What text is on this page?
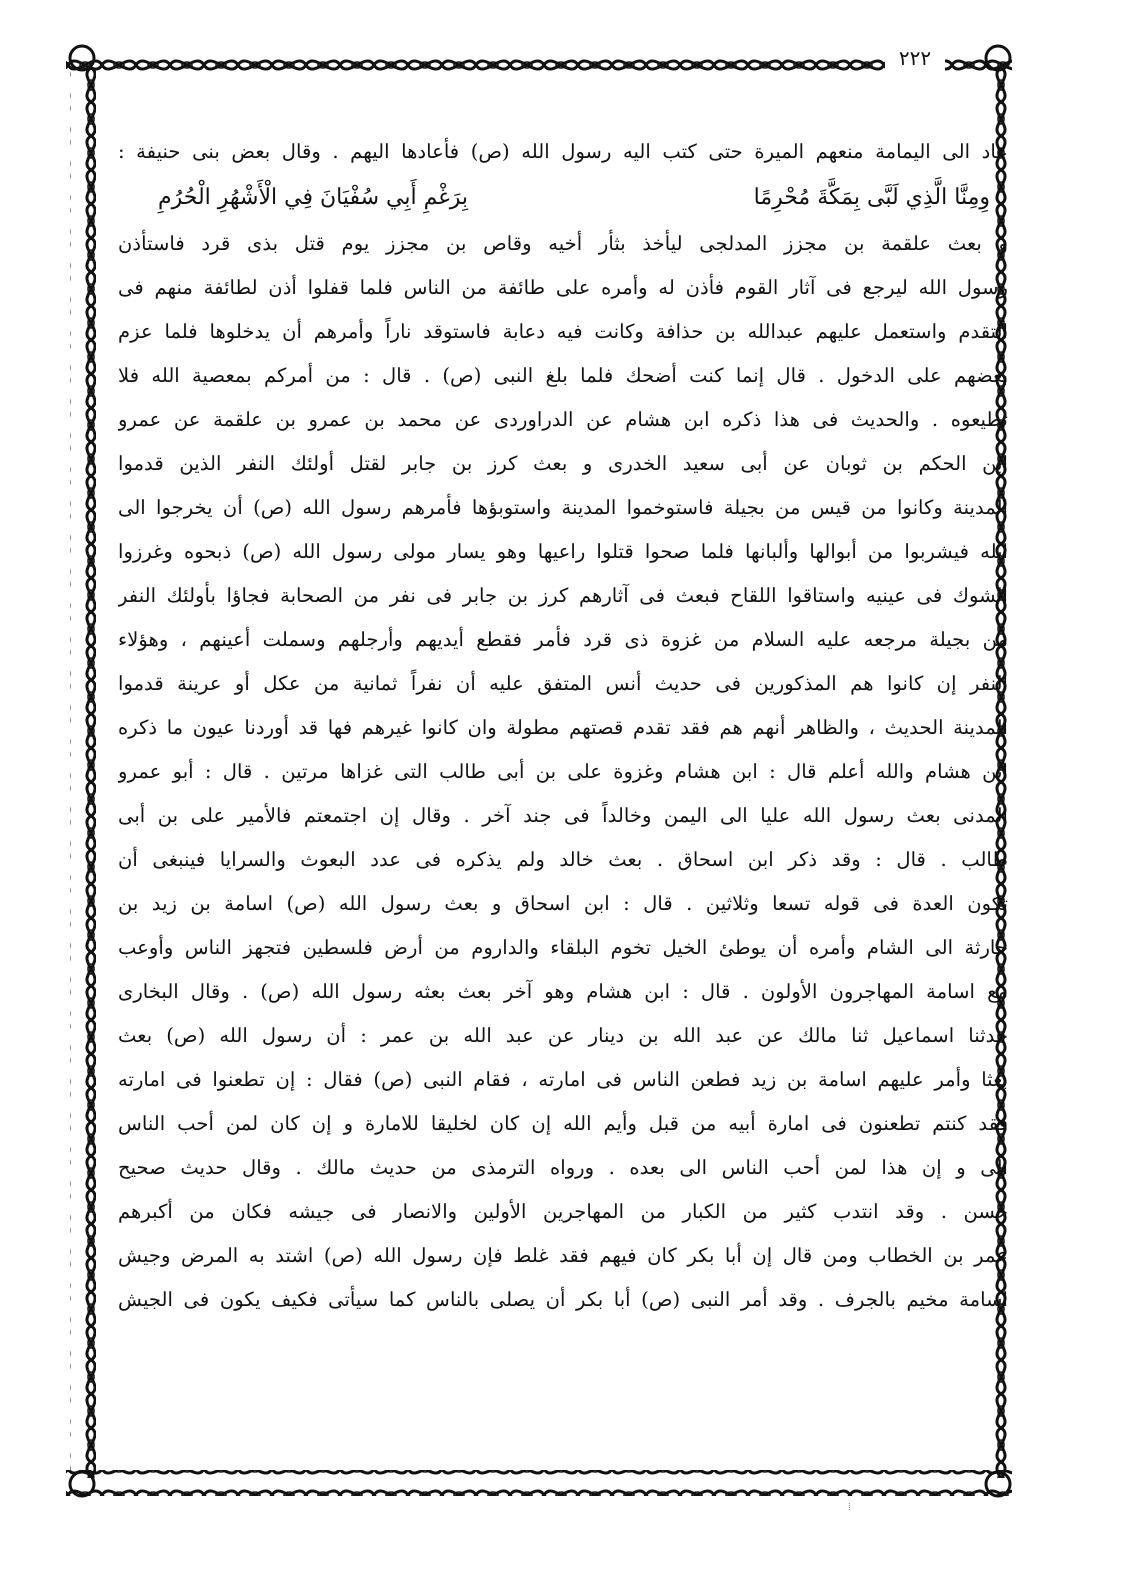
٢٢٢
عاد الى اليمامة منعهم الميرة حتى كتب اليه رسول الله (ص) فأعادها اليهم . وقال بعض بنى حنيفة :
وِمِنَّا الَّذِي لَبَّى بِمَكَّةَ مُحْرِمًا
بِرَغْمِ أَبِي سُفْيَانَ فِي الْأَشْهُرِ الْحُرُمِ
و بعث علقمة بن مجزز المدلجى ليأخذ بثأر أخيه وقاص بن مجزز يوم قتل بذى قرد فاستأذن
رسول الله ليرجع فى آثار القوم فأذن له وأمره على طائفة من الناس فلما قفلوا أذن لطائفة منهم فى
التقدم واستعمل عليهم عبدالله بن حذافة وكانت فيه دعابة فاستوقد ناراً وأمرهم أن يدخلوها فلما عزم
بعضهم على الدخول . قال إنما كنت أضحك فلما بلغ النبى (ص) . قال : من أمركم بمعصية الله فلا
تطيعوه . والحديث فى هذا ذكره ابن هشام عن الدراوردى عن محمد بن عمرو بن علقمة عن عمرو
ابن الحكم بن ثوبان عن أبى سعيد الخدرى و بعث كرز بن جابر لقتل أولئك النفر الذين قدموا
المدينة وكانوا من قيس من بجيلة فاستوخموا المدينة واستوبؤها فأمرهم رسول الله (ص) أن يخرجوا الى
ابله فيشربوا من أبوالها وألبانها فلما صحوا قتلوا راعيها وهو يسار مولى رسول الله (ص) ذبحوه وغرزوا
الشوك فى عينيه واستاقوا اللقاح فبعث فى آثارهم كرز بن جابر فى نفر من الصحابة فجاؤا بأولئك النفر
من بجيلة مرجعه عليه السلام من غزوة ذى قرد فأمر فقطع أيديهم وأرجلهم وسملت أعينهم ، وهؤلاء
النفر إن كانوا هم المذكورين فى حديث أنس المتفق عليه أن نفراً ثمانية من عكل أو عرينة قدموا
المدينة الحديث ، والظاهر أنهم هم فقد تقدم قصتهم مطولة وان كانوا غيرهم فها قد أوردنا عيون ما ذكره
ابن هشام والله أعلم قال : ابن هشام وغزوة على بن أبى طالب التى غزاها مرتين . قال : أبو عمرو
المدنى بعث رسول الله عليا الى اليمن وخالداً فى جند آخر . وقال إن اجتمعتم فالأمير على بن أبى
طالب . قال : وقد ذكر ابن اسحاق . بعث خالد ولم يذكره فى عدد البعوث والسرايا فينبغى أن
تكون العدة فى قوله تسعا وثلاثين . قال : ابن اسحاق و بعث رسول الله (ص) اسامة بن زيد بن
حارثة الى الشام وأمره أن يوطئ الخيل تخوم البلقاء والداروم من أرض فلسطين فتجهز الناس وأوعب
مع اسامة المهاجرون الأولون . قال : ابن هشام وهو آخر بعث بعثه رسول الله (ص) . وقال البخارى
حدثنا اسماعيل ثنا مالك عن عبد الله بن دينار عن عبد الله بن عمر : أن رسول الله (ص) بعث
بعثا وأمر عليهم اسامة بن زيد فطعن الناس فى امارته ، فقام النبى (ص) فقال : إن تطعنوا فى امارته
فقد كنتم تطعنون فى امارة أبيه من قبل وأيم الله إن كان لخليقا للامارة و إن كان لمن أحب الناس
الى و إن هذا لمن أحب الناس الى بعده . ورواه الترمذى من حديث مالك . وقال حديث صحيح
حسن . وقد انتدب كثير من الكبار من المهاجرين الأولين والانصار فى جيشه فكان من أكبرهم
عمر بن الخطاب ومن قال إن أبا بكر كان فيهم فقد غلط فإن رسول الله (ص) اشتد به المرض وجيش
اسامة مخيم بالجرف . وقد أمر النبى (ص) أبا بكر أن يصلى بالناس كما سيأتى فكيف يكون فى الجيش
⁞
